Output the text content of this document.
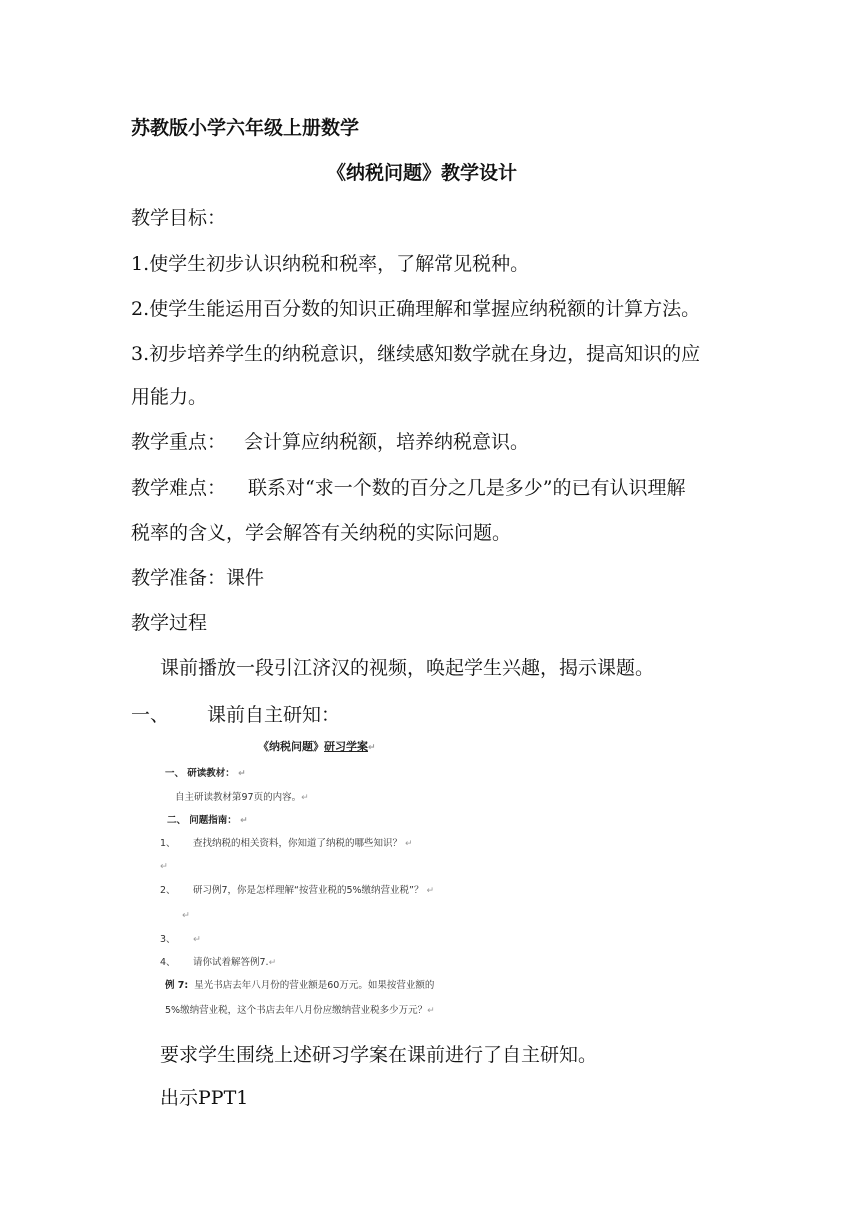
苏教版小学六年级上册数学
《纳税问题》教学设计
教学目标：
1.使学生初步认识纳税和税率，了解常见税种。
2.使学生能运用百分数的知识正确理解和掌握应纳税额的计算方法。
3.初步培养学生的纳税意识，继续感知数学就在身边，提高知识的应
用能力。
教学重点： 会计算应纳税额，培养纳税意识。
教学难点： 联系对“求一个数的百分之几是多少”的已有认识理解
税率的含义，学会解答有关纳税的实际问题。
教学准备：课件
教学过程
课前播放一段引江济汉的视频，唤起学生兴趣，揭示课题。
一、 课前自主研知：
《纳税问题》研习学案↵
一、 研读教材： ↵
自主研读教材第97页的内容。↵
二、 问题指南： ↵
1、 查找纳税的相关资料，你知道了纳税的哪些知识？ ↵
↵
2、 研习例7，你是怎样理解“按营业税的5%缴纳营业税”？ ↵
↵
3、 ↵
4、 请你试着解答例7.↵
例 7: 星光书店去年八月份的营业额是60万元。如果按营业额的
5%缴纳营业税，这个书店去年八月份应缴纳营业税多少万元？↵
要求学生围绕上述研习学案在课前进行了自主研知。
出示PPT1
